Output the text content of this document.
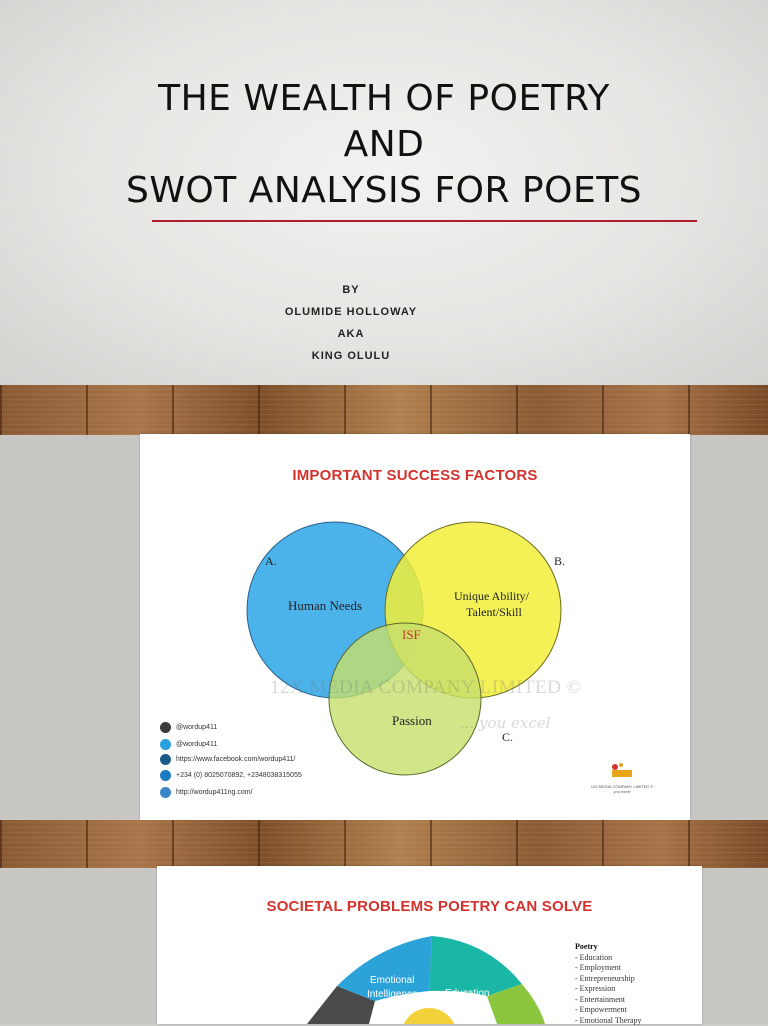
THE WEALTH OF POETRY
AND
SWOT ANALYSIS FOR POETS
BY
OLUMIDE HOLLOWAY
AKA
KING OLULU
IMPORTANT SUCCESS FACTORS
A.	B.
C.
Human Needs
Unique Ability/
Talent/Skill
ISF
Passion
12X MEDIA COMPANY LIMITED ©
... you excel
@wordup411
@wordup411
https://www.facebook.com/wordup411/
+234 (0) 8025070892, +2348038315055
http://wordup411ng.com/
12X MEDIA COMPANY LIMITED ©
you excel
SOCIETAL PROBLEMS POETRY CAN SOLVE
Emotional
Intelligence	Education
Poetry
- Education
- Employment
- Entrepreneurship
- Expression
- Entertainment
- Empowerment
- Emotional Therapy
